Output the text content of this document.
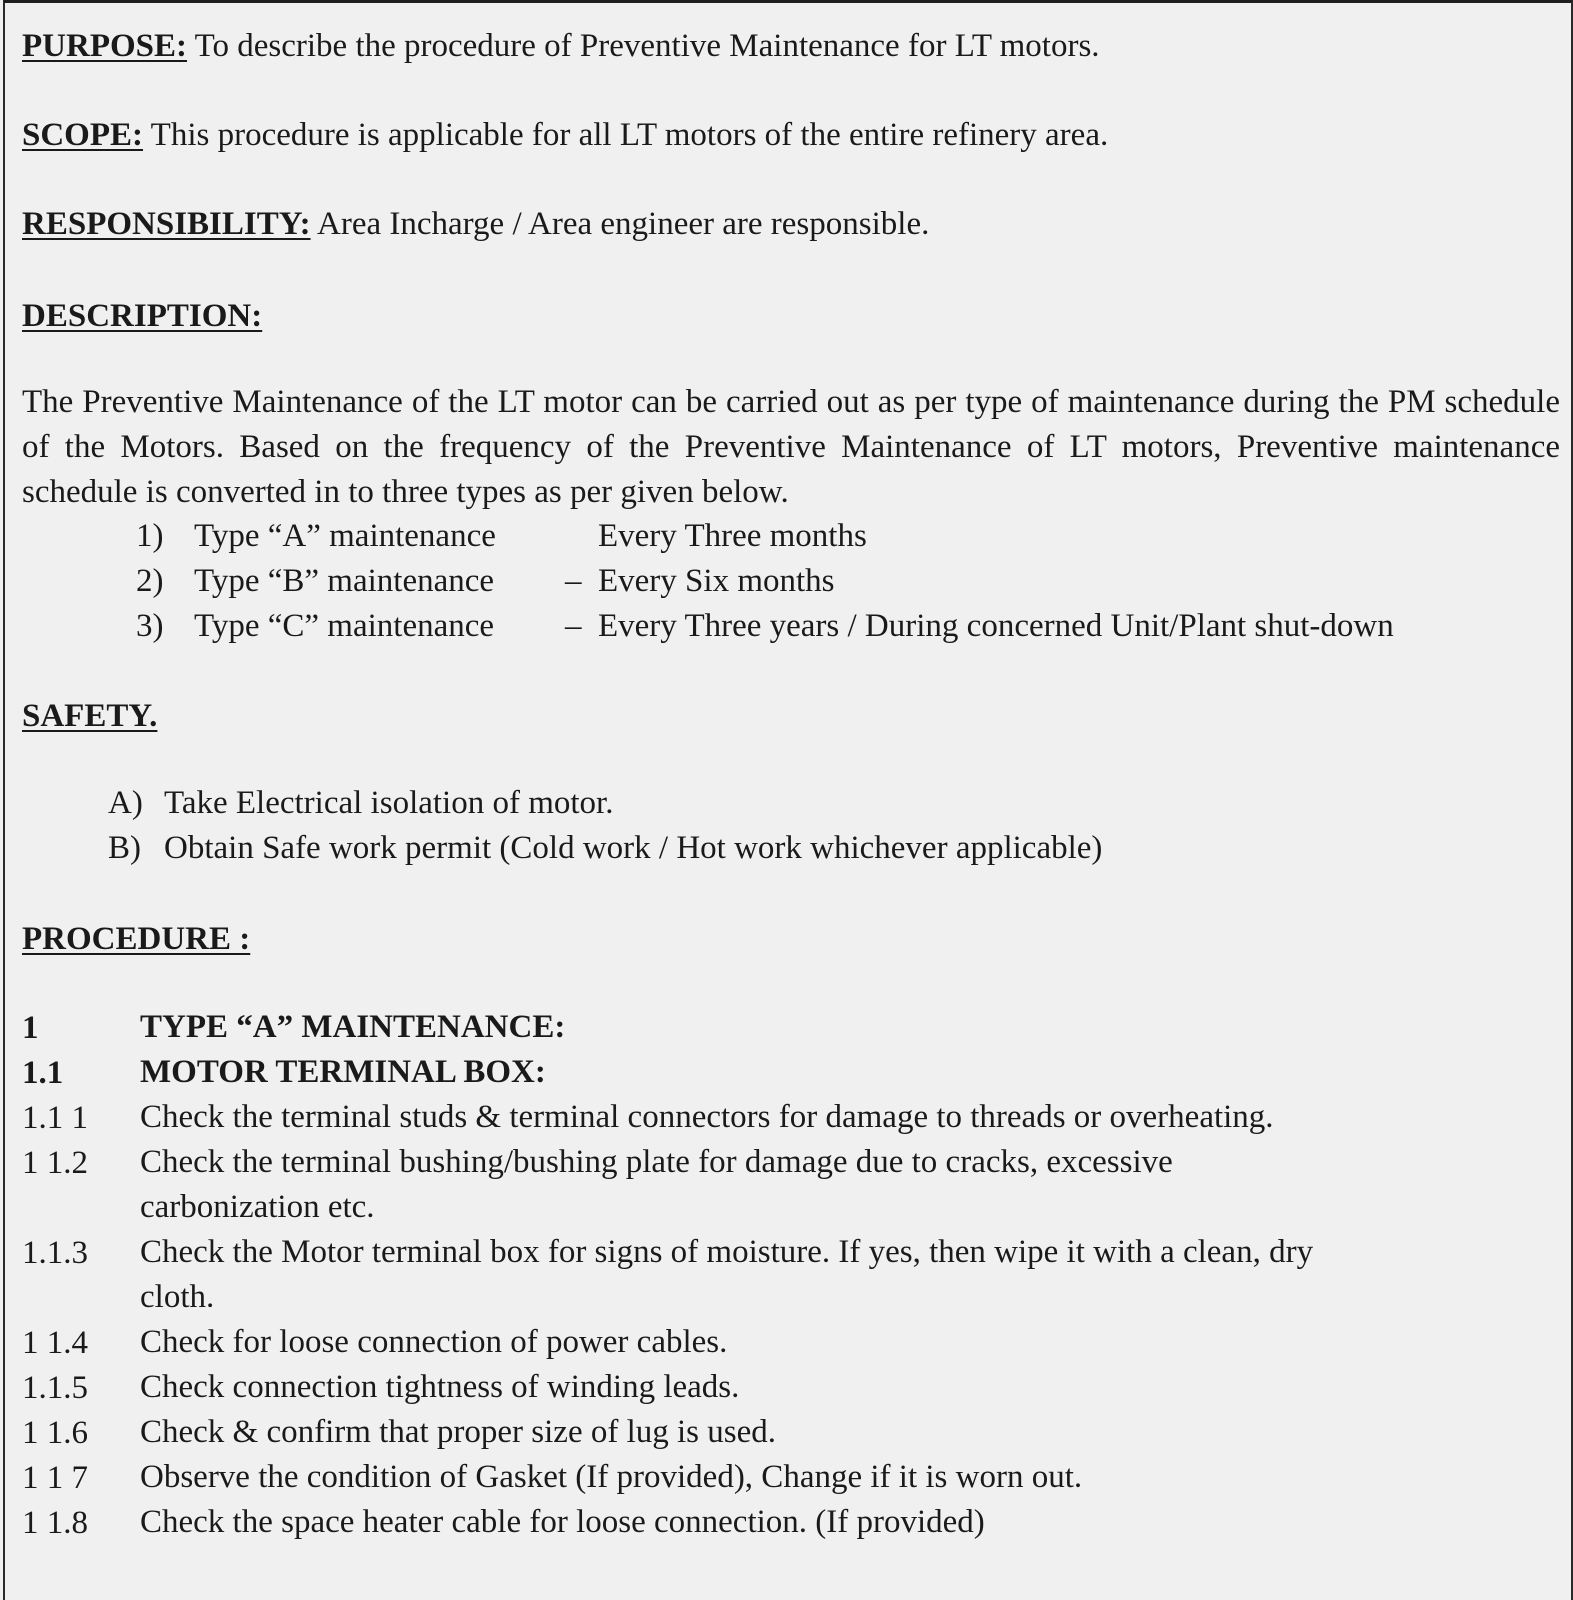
PURPOSE: To describe the procedure of Preventive Maintenance for LT motors.
SCOPE: This procedure is applicable for all LT motors of the entire refinery area.
RESPONSIBILITY: Area Incharge / Area engineer are responsible.
DESCRIPTION:
The Preventive Maintenance of the LT motor can be carried out as per type of maintenance during the PM schedule of the Motors. Based on the frequency of the Preventive Maintenance of LT motors, Preventive maintenance schedule is converted in to three types as per given below.
1) Type “A” maintenance	Every Three months
2) Type “B” maintenance – Every Six months
3) Type “C” maintenance – Every Three years / During concerned Unit/Plant shut-down
SAFETY.
A) Take Electrical isolation of motor.
B) Obtain Safe work permit (Cold work / Hot work whichever applicable)
PROCEDURE :
1	TYPE “A” MAINTENANCE:
1.1 MOTOR TERMINAL BOX:
1.1 1 Check the terminal studs & terminal connectors for damage to threads or overheating.
1 1.2 Check the terminal bushing/bushing plate for damage due to cracks, excessive
carbonization etc.
1.1.3 Check the Motor terminal box for signs of moisture. If yes, then wipe it with a clean, dry
cloth.
1 1.4 Check for loose connection of power cables.
1.1.5 Check connection tightness of winding leads.
1 1.6 Check & confirm that proper size of lug is used.
1 1 7 Observe the condition of Gasket (If provided), Change if it is worn out.
1 1.8 Check the space heater cable for loose connection. (If provided)
